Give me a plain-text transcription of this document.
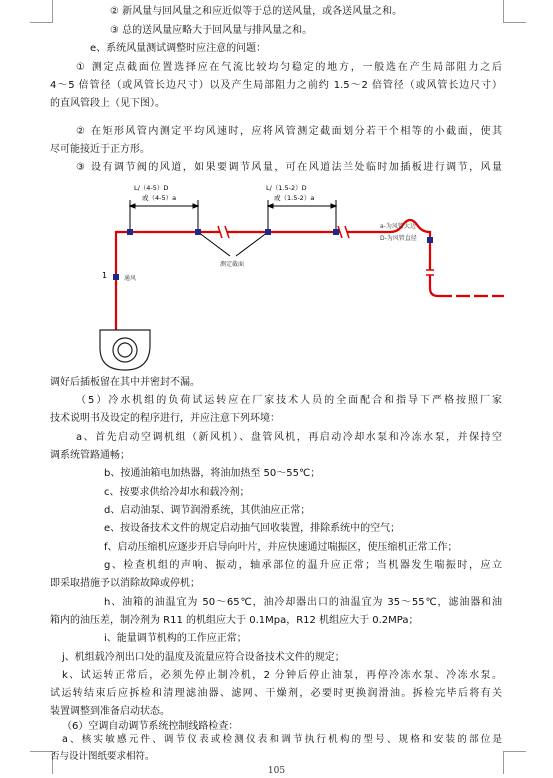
② 新风量与回风量之和应近似等于总的送风量，或各送风量之和。
③ 总的送风量应略大于回风量与排风量之和。
e、系统风量测试调整时应注意的问题：
① 测定点截面位置选择应在气流比较均匀稳定的地方，一般选在产生局部阻力之后
4～5 倍管径（或风管长边尺寸）以及产生局部阻力之前约 1.5～2 倍管径（或风管长边尺寸）
的直风管段上（见下图）。
② 在矩形风管内测定平均风速时，应将风管测定截面划分若干个相等的小截面，使其
尽可能接近于正方形。
③ 设有调节阀的风道，如果要调节风量，可在风道法兰处临时加插板进行调节，风量
L/（4-5）D
或（4-5）a
L/（1.5-2）D
或（1.5-2）a
a-为风管大边
D-为风管直径
通风
测定截面
1
调好后插板留在其中并密封不漏。
（5）冷水机组的负荷试运转应在厂家技术人员的全面配合和指导下严格按照厂家
技术说明书及设定的程序进行，并应注意下列环境：
a、首先启动空调机组（新风机）、盘管风机，再启动冷却水泵和冷冻水泵，并保持空
调系统管路通畅；
b、按通油箱电加热器，将油加热至 50～55℃；
c、按要求供给冷却水和载冷剂；
d、启动油泵、调节润滑系统，其供油应正常；
e、按设备技术文件的规定启动抽气回收装置，排除系统中的空气；
f、启动压缩机应逐步开启导向叶片，并应快速通过喘振区，使压缩机正常工作；
g、检查机组的声响、振动，轴承部位的温升应正常；当机器发生喘振时，应立
即采取措施予以消除故障或停机；
h、油箱的油温宜为 50～65℃，油冷却器出口的油温宜为 35～55℃，滤油器和油
箱内的油压差，制冷剂为 R11 的机组应大于 0.1Mpa，R12 机组应大于 0.2MPa；
i、能量调节机构的工作应正常；
j、机组载冷剂出口处的温度及流量应符合设备技术文件的规定；
k、试运转正常后，必须先停止制冷机，2 分钟后停止油泵，再停冷冻水泵、冷冻水泵。
试运转结束后应拆检和清理滤油器、滤网、干燥剂，必要时更换润滑油。拆检完毕后将有关
装置调整到准备启动状态。
（6）空调自动调节系统控制线路检查：
a、核实敏感元件、调节仪表或检测仪表和调节执行机构的型号、规格和安装的部位是
否与设计图纸要求相符。
105
